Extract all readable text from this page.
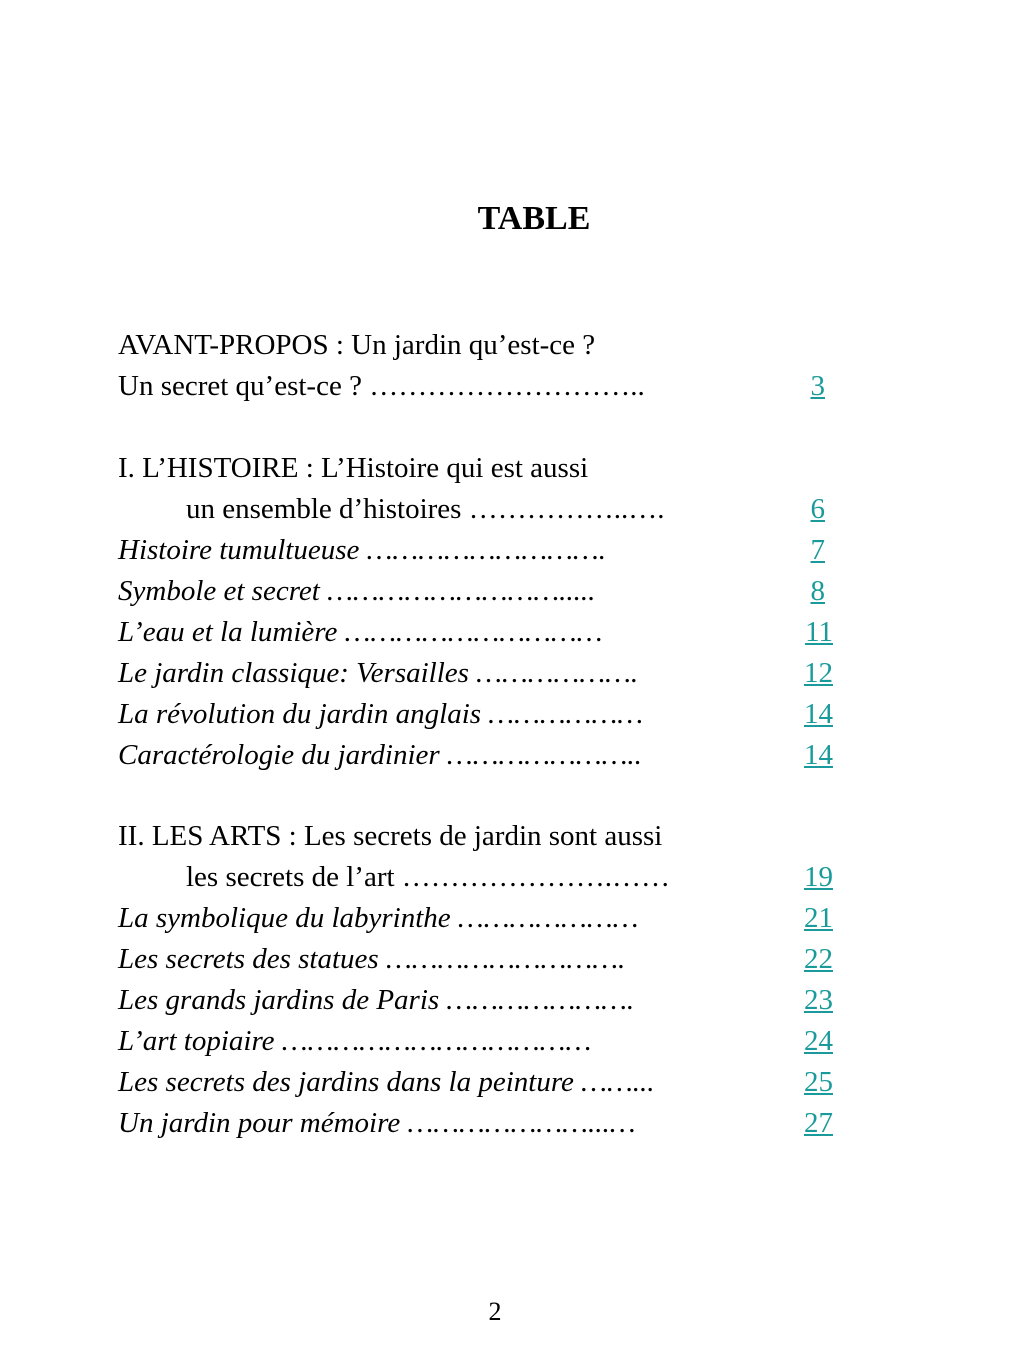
TABLE
AVANT-PROPOS : Un jardin qu’est-ce ?
Un secret qu’est-ce ? ………………………..	3
I. L’HISTOIRE : L’Histoire qui est aussi
un ensemble d’histoires ……………..….	6
Histoire tumultueuse ……………………….	7
Symbole et secret ……………………….....	8
L’eau et la lumière …………………………	11
Le jardin classique: Versailles ……………….	12
La révolution du jardin anglais ………………	14
Caractérologie du jardinier …………………..	14
II. LES ARTS : Les secrets de jardin sont aussi
les secrets de l’art ………………….……	19
La symbolique du labyrinthe …………………	21
Les secrets des statues ……………………….	22
Les grands jardins de Paris ………………….	23
L’art topiaire ………………………………	24
Les secrets des jardins dans la peinture ……...	25
Un jardin pour mémoire …………………...…	27
2
